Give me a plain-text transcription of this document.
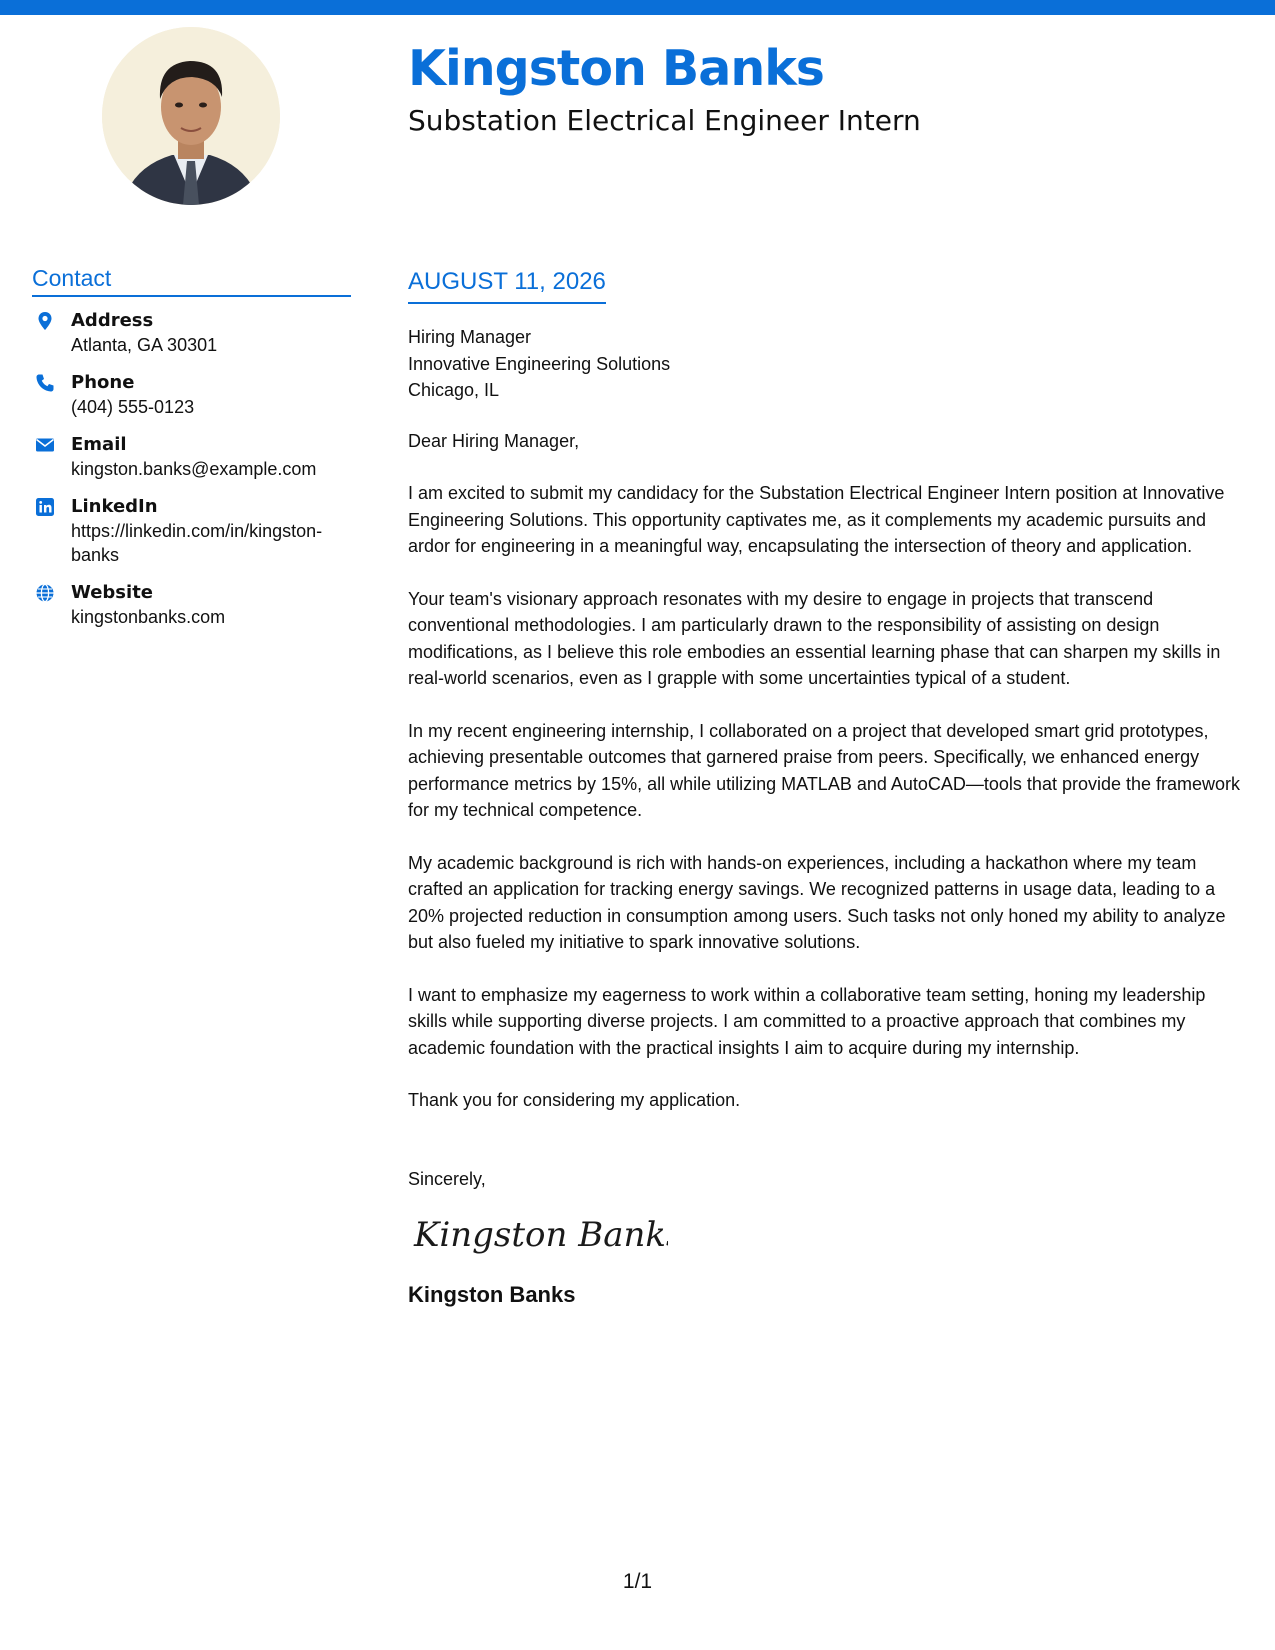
Kingston Banks
Substation Electrical Engineer Intern
Contact
Address
Atlanta, GA 30301
Phone
(404) 555-0123
Email
kingston.banks@example.com
LinkedIn
https://linkedin.com/in/kingston-banks
Website
kingstonbanks.com
AUGUST 11, 2026
Hiring Manager
Innovative Engineering Solutions
Chicago, IL

Dear Hiring Manager,

I am excited to submit my candidacy for the Substation Electrical Engineer Intern position at Innovative Engineering Solutions. This opportunity captivates me, as it complements my academic pursuits and ardor for engineering in a meaningful way, encapsulating the intersection of theory and application.

Your team's visionary approach resonates with my desire to engage in projects that transcend conventional methodologies. I am particularly drawn to the responsibility of assisting on design modifications, as I believe this role embodies an essential learning phase that can sharpen my skills in real-world scenarios, even as I grapple with some uncertainties typical of a student.

In my recent engineering internship, I collaborated on a project that developed smart grid prototypes, achieving presentable outcomes that garnered praise from peers. Specifically, we enhanced energy performance metrics by 15%, all while utilizing MATLAB and AutoCAD—tools that provide the framework for my technical competence.

My academic background is rich with hands-on experiences, including a hackathon where my team crafted an application for tracking energy savings. We recognized patterns in usage data, leading to a 20% projected reduction in consumption among users. Such tasks not only honed my ability to analyze but also fueled my initiative to spark innovative solutions.

I want to emphasize my eagerness to work within a collaborative team setting, honing my leadership skills while supporting diverse projects. I am committed to a proactive approach that combines my academic foundation with the practical insights I aim to acquire during my internship.

Thank you for considering my application.

Sincerely,
Kingston Banks
Kingston Banks
1/1
